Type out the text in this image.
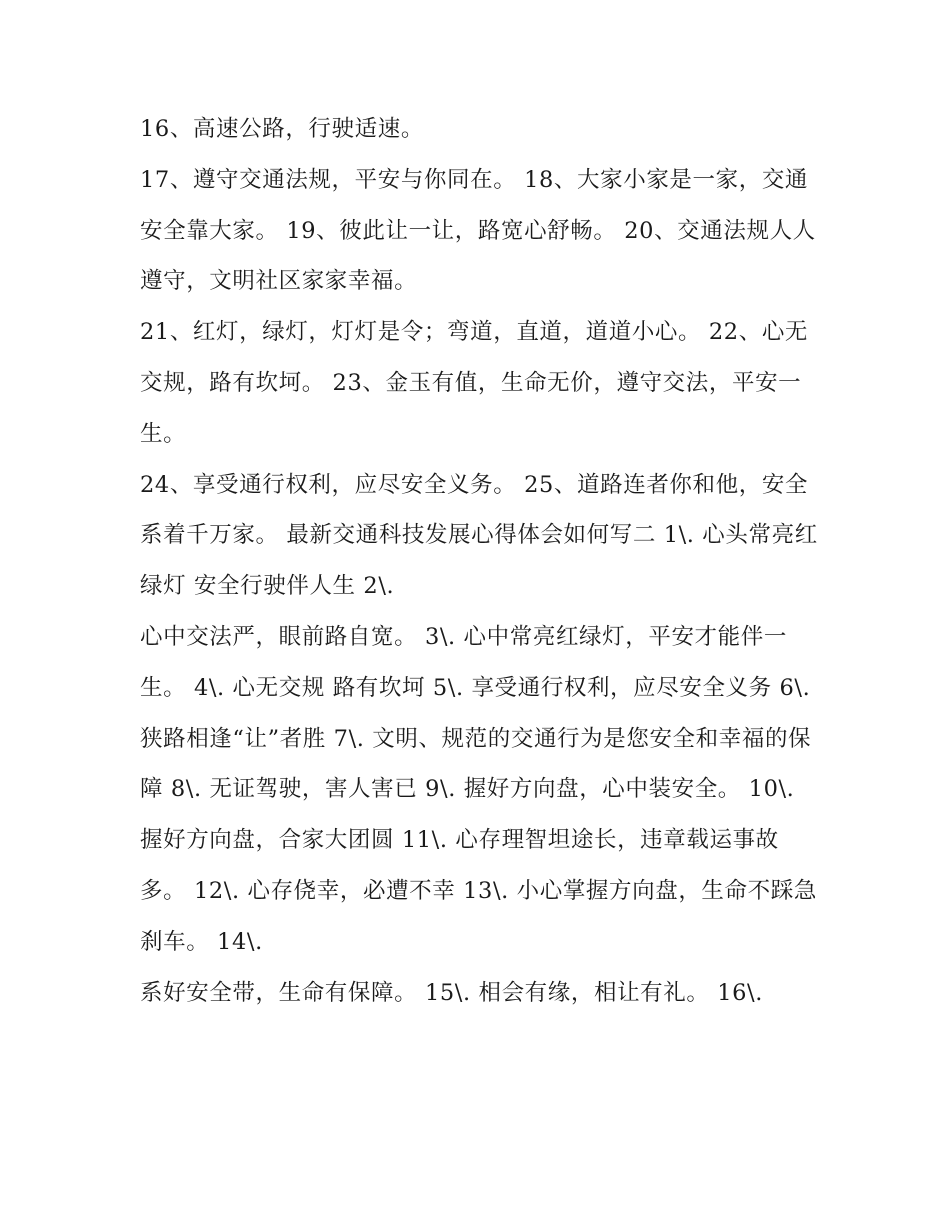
16、高速公路，行驶适速。

17、遵守交通法规，平安与你同在。 18、大家小家是一家，交通安全靠大家。 19、彼此让一让，路宽心舒畅。 20、交通法规人人遵守，文明社区家家幸福。

21、红灯，绿灯，灯灯是令；弯道，直道，道道小心。 22、心无交规，路有坎坷。 23、金玉有值，生命无价，遵守交法，平安一生。

24、享受通行权利，应尽安全义务。 25、道路连者你和他，安全系着千万家。 最新交通科技发展心得体会如何写二 1\. 心头常亮红绿灯 安全行驶伴人生 2\.

心中交法严，眼前路自宽。 3\. 心中常亮红绿灯，平安才能伴一生。 4\. 心无交规 路有坎坷 5\. 享受通行权利，应尽安全义务 6\.

狭路相逢“让”者胜 7\. 文明、规范的交通行为是您安全和幸福的保障 8\. 无证驾驶，害人害已 9\. 握好方向盘，心中装安全。 10\.

握好方向盘，合家大团圆 11\. 心存理智坦途长，违章载运事故多。 12\. 心存侥幸，必遭不幸 13\. 小心掌握方向盘，生命不踩急刹车。 14\.

系好安全带，生命有保障。 15\. 相会有缘，相让有礼。 16\.
